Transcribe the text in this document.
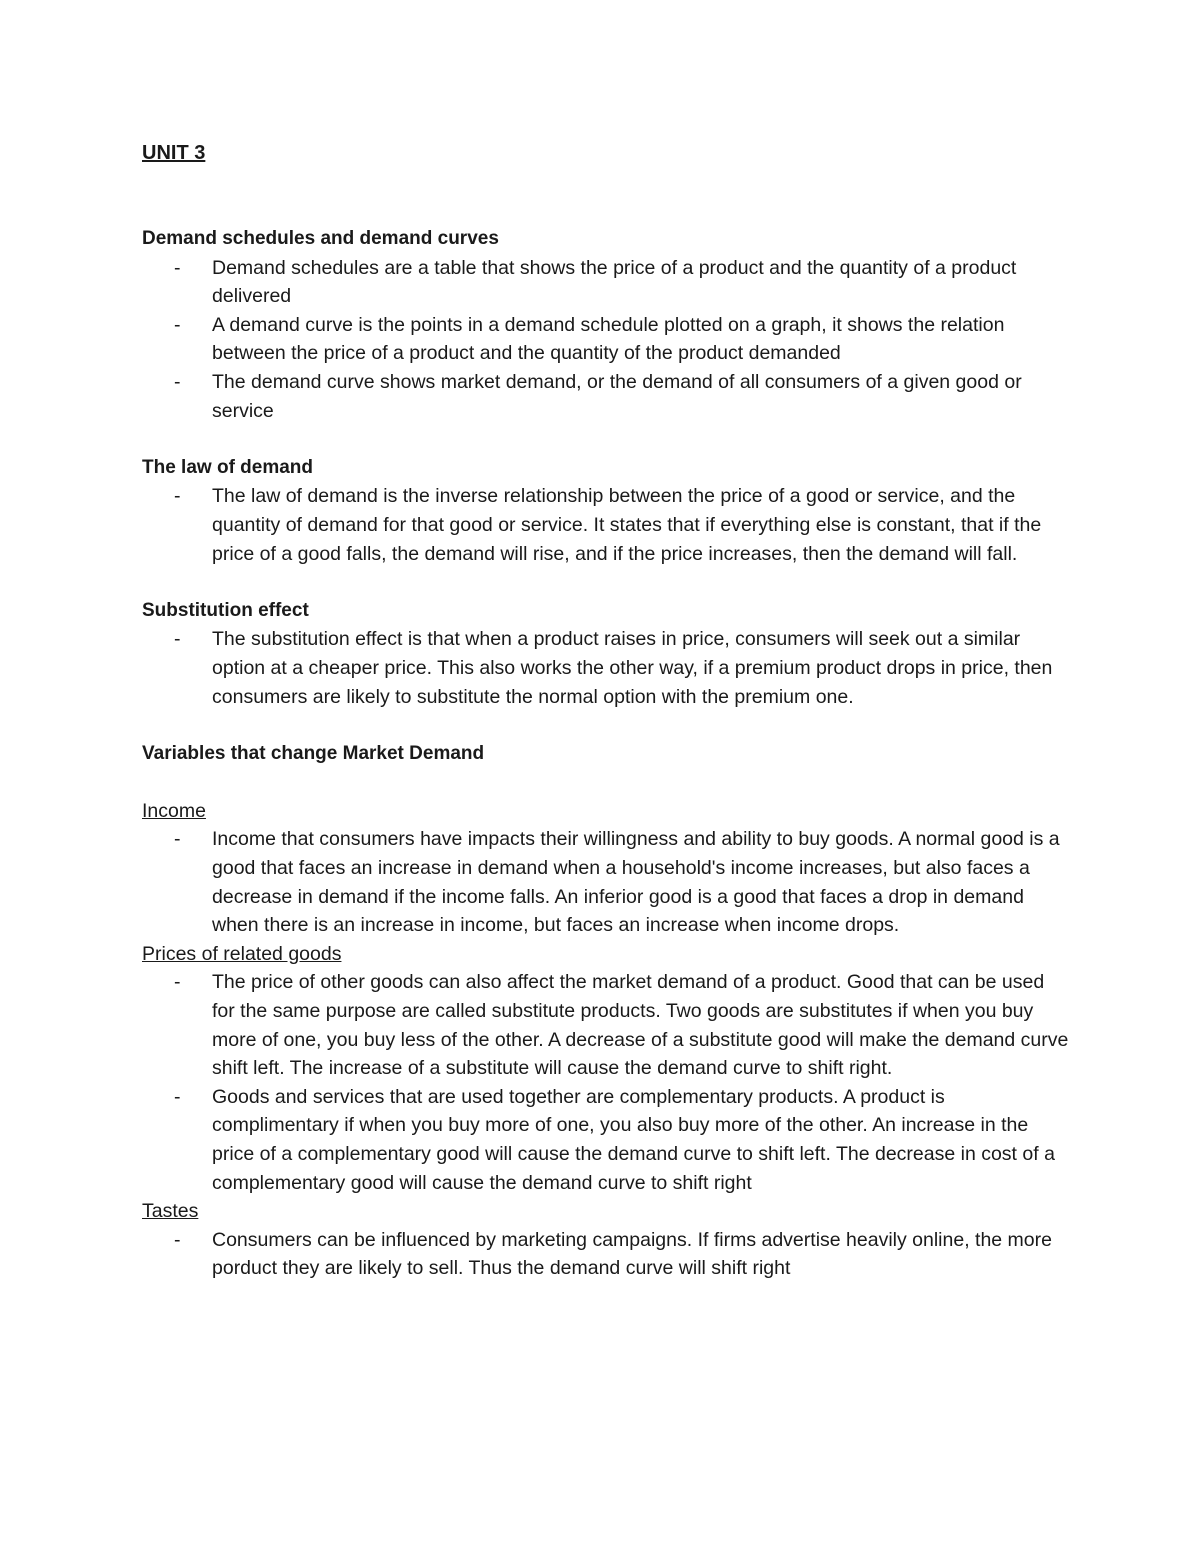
UNIT 3
Demand schedules and demand curves
- Demand schedules are a table that shows the price of a product and the quantity of a product delivered
- A demand curve is the points in a demand schedule plotted on a graph, it shows the relation between the price of a product and the quantity of the product demanded
- The demand curve shows market demand, or the demand of all consumers of a given good or service
The law of demand
- The law of demand is the inverse relationship between the price of a good or service, and the quantity of demand for that good or service. It states that if everything else is constant, that if the price of a good falls, the demand will rise, and if the price increases, then the demand will fall.
Substitution effect
- The substitution effect is that when a product raises in price, consumers will seek out a similar option at a cheaper price. This also works the other way, if a premium product drops in price, then consumers are likely to substitute the normal option with the premium one.
Variables that change Market Demand
Income
- Income that consumers have impacts their willingness and ability to buy goods. A normal good is a good that faces an increase in demand when a household's income increases, but also faces a decrease in demand if the income falls. An inferior good is a good that faces a drop in demand when there is an increase in income, but faces an increase when income drops.
Prices of related goods
- The price of other goods can also affect the market demand of a product. Good that can be used for the same purpose are called substitute products. Two goods are substitutes if when you buy more of one, you buy less of the other. A decrease of a substitute good will make the demand curve shift left. The increase of a substitute will cause the demand curve to shift right.
- Goods and services that are used together are complementary products. A product is complimentary if when you buy more of one, you also buy more of the other. An increase in the price of a complementary good will cause the demand curve to shift left. The decrease in cost of a complementary good will cause the demand curve to shift right
Tastes
- Consumers can be influenced by marketing campaigns. If firms advertise heavily online, the more porduct they are likely to sell. Thus the demand curve will shift right
